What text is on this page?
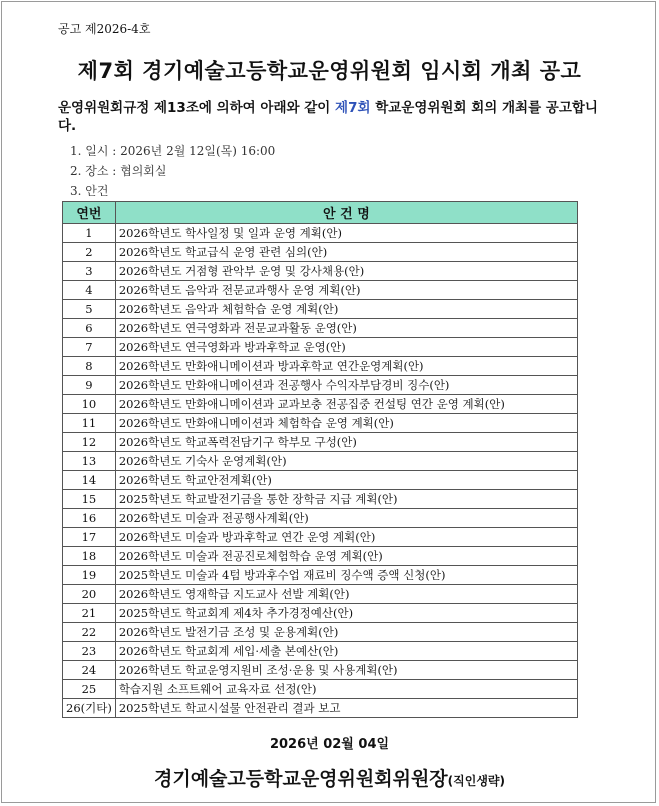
공고 제2026-4호
제7회 경기예술고등학교운영위원회 임시회 개최 공고
운영위원회규정 제13조에 의하여 아래와 같이 제7회 학교운영위원회 회의 개최를 공고합니다.
1. 일시 : 2026년 2월 12일(목) 16:00
2. 장소 : 협의회실
3. 안건
연번	안 건 명
1	2026학년도 학사일정 및 일과 운영 계획(안)
2	2026학년도 학교급식 운영 관련 심의(안)
3	2026학년도 거점형 관악부 운영 및 강사채용(안)
4	2026학년도 음악과 전문교과행사 운영 계획(안)
5	2026학년도 음악과 체험학습 운영 계획(안)
6	2026학년도 연극영화과 전문교과활동 운영(안)
7	2026학년도 연극영화과 방과후학교 운영(안)
8	2026학년도 만화애니메이션과 방과후학교 연간운영계획(안)
9	2026학년도 만화애니메이션과 전공행사 수익자부담경비 징수(안)
10	2026학년도 만화애니메이션과 교과보충 전공집중 컨설팅 연간 운영 계획(안)
11	2026학년도 만화애니메이션과 체험학습 운영 계획(안)
12	2026학년도 학교폭력전담기구 학부모 구성(안)
13	2026학년도 기숙사 운영계획(안)
14	2026학년도 학교안전계획(안)
15	2025학년도 학교발전기금을 통한 장학금 지급 계획(안)
16	2026학년도 미술과 전공행사계획(안)
17	2026학년도 미술과 방과후학교 연간 운영 계획(안)
18	2026학년도 미술과 전공진로체험학습 운영 계획(안)
19	2025학년도 미술과 4텀 방과후수업 재료비 징수액 증액 신청(안)
20	2026학년도 영재학급 지도교사 선발 계획(안)
21	2025학년도 학교회계 제4차 추가경정예산(안)
22	2026학년도 발전기금 조성 및 운용계획(안)
23	2026학년도 학교회계 세입·세출 본예산(안)
24	2026학년도 학교운영지원비 조성·운용 및 사용계획(안)
25	학습지원 소프트웨어 교육자료 선정(안)
26(기타)	2025학년도 학교시설물 안전관리 결과 보고
2026년 02월 04일
경기예술고등학교운영위원회위원장(직인생략)
